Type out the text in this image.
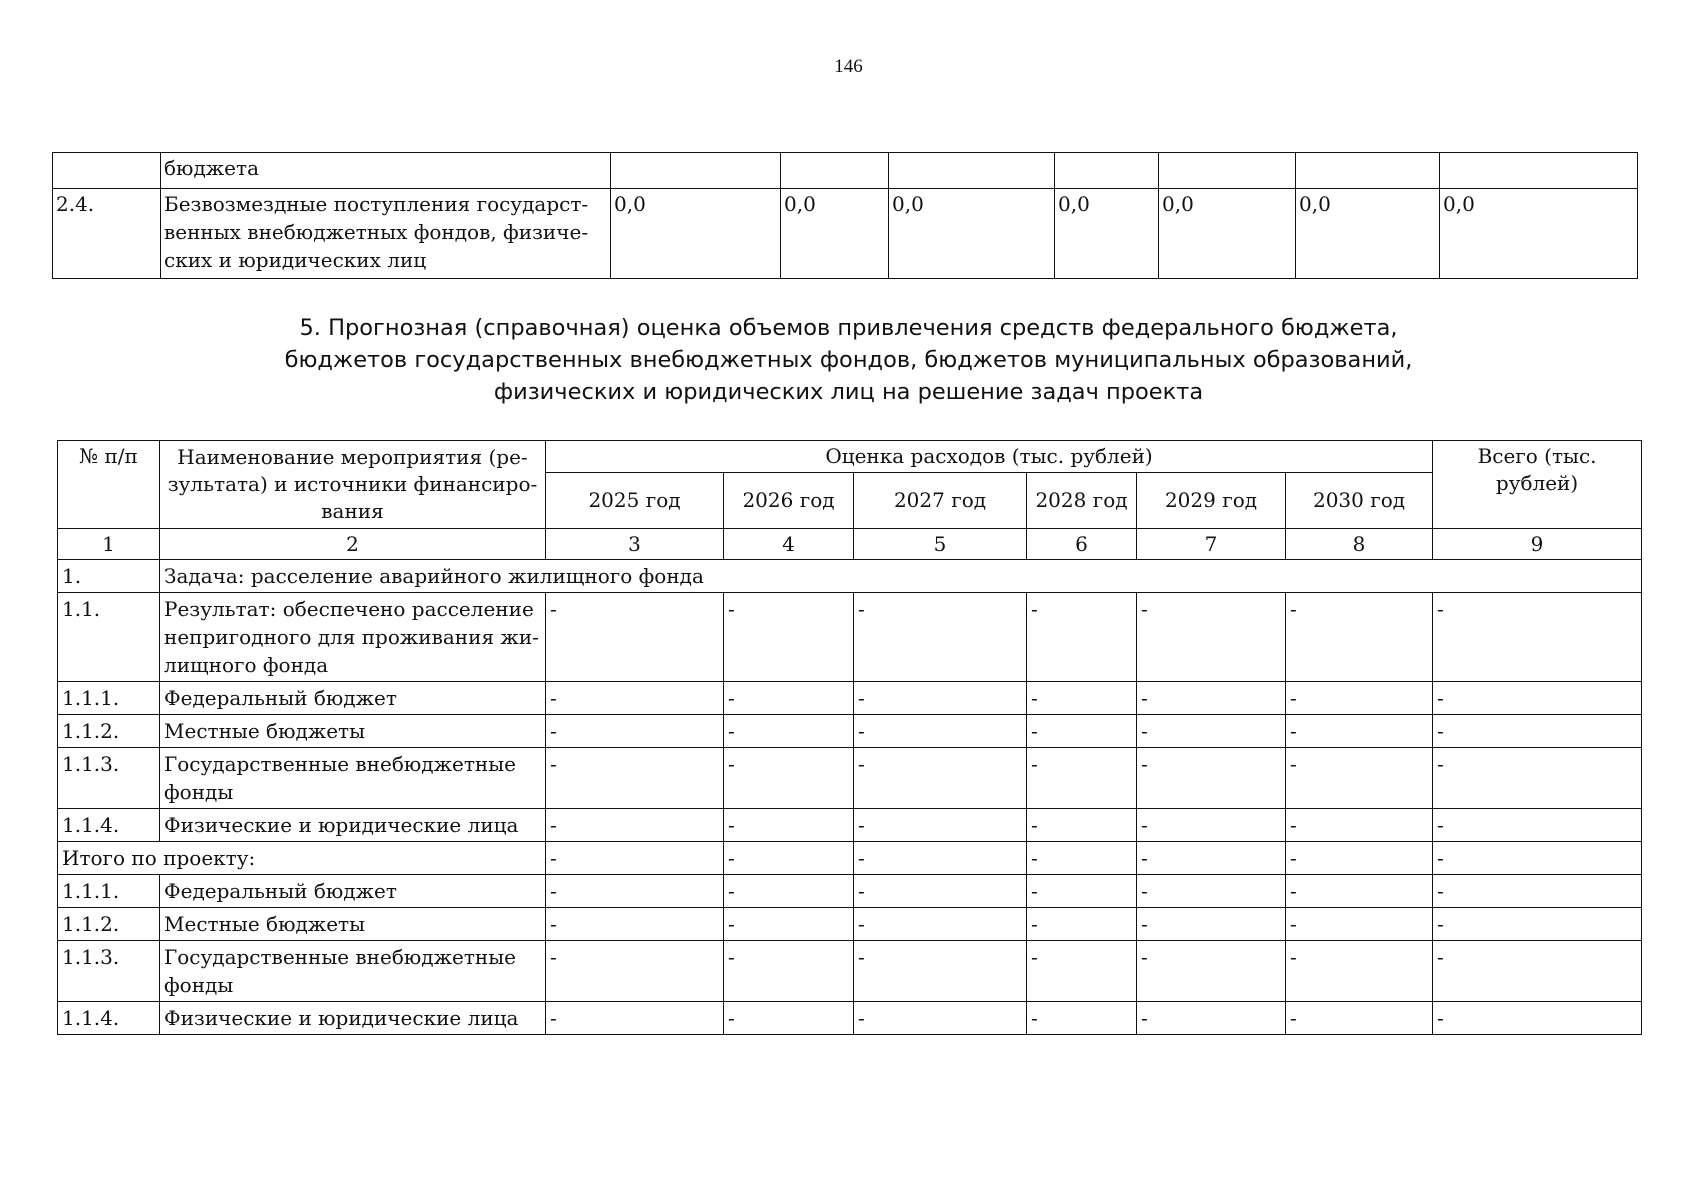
146
	бюджета							
2.4.	Безвозмездные поступления государст-венных внебюджетных фондов, физиче-ских и юридических лиц	0,0	0,0	0,0	0,0	0,0	0,0	0,0
5. Прогнозная (справочная) оценка объемов привлечения средств федерального бюджета,
бюджетов государственных внебюджетных фондов, бюджетов муниципальных образований,
физических и юридических лиц на решение задач проекта
№ п/п	Наименование мероприятия (ре-зультата) и источники финансиро-вания	Оценка расходов (тыс. рублей)						Всего (тыс. рублей)
		2025 год	2026 год	2027 год	2028 год	2029 год	2030 год	
1	2	3	4	5	6	7	8	9
1.	Задача: расселение аварийного жилищного фонда							
1.1.	Результат: обеспечено расселение непригодного для проживания жи-лищного фонда	-	-	-	-	-	-	-
1.1.1.	Федеральный бюджет	-	-	-	-	-	-	-
1.1.2.	Местные бюджеты	-	-	-	-	-	-	-
1.1.3.	Государственные внебюджетные фонды	-	-	-	-	-	-	-
1.1.4.	Физические и юридические лица	-	-	-	-	-	-	-
Итого по проекту:		-	-	-	-	-	-	-
1.1.1.	Федеральный бюджет	-	-	-	-	-	-	-
1.1.2.	Местные бюджеты	-	-	-	-	-	-	-
1.1.3.	Государственные внебюджетные фонды	-	-	-	-	-	-	-
1.1.4.	Физические и юридические лица	-	-	-	-	-	-	-
